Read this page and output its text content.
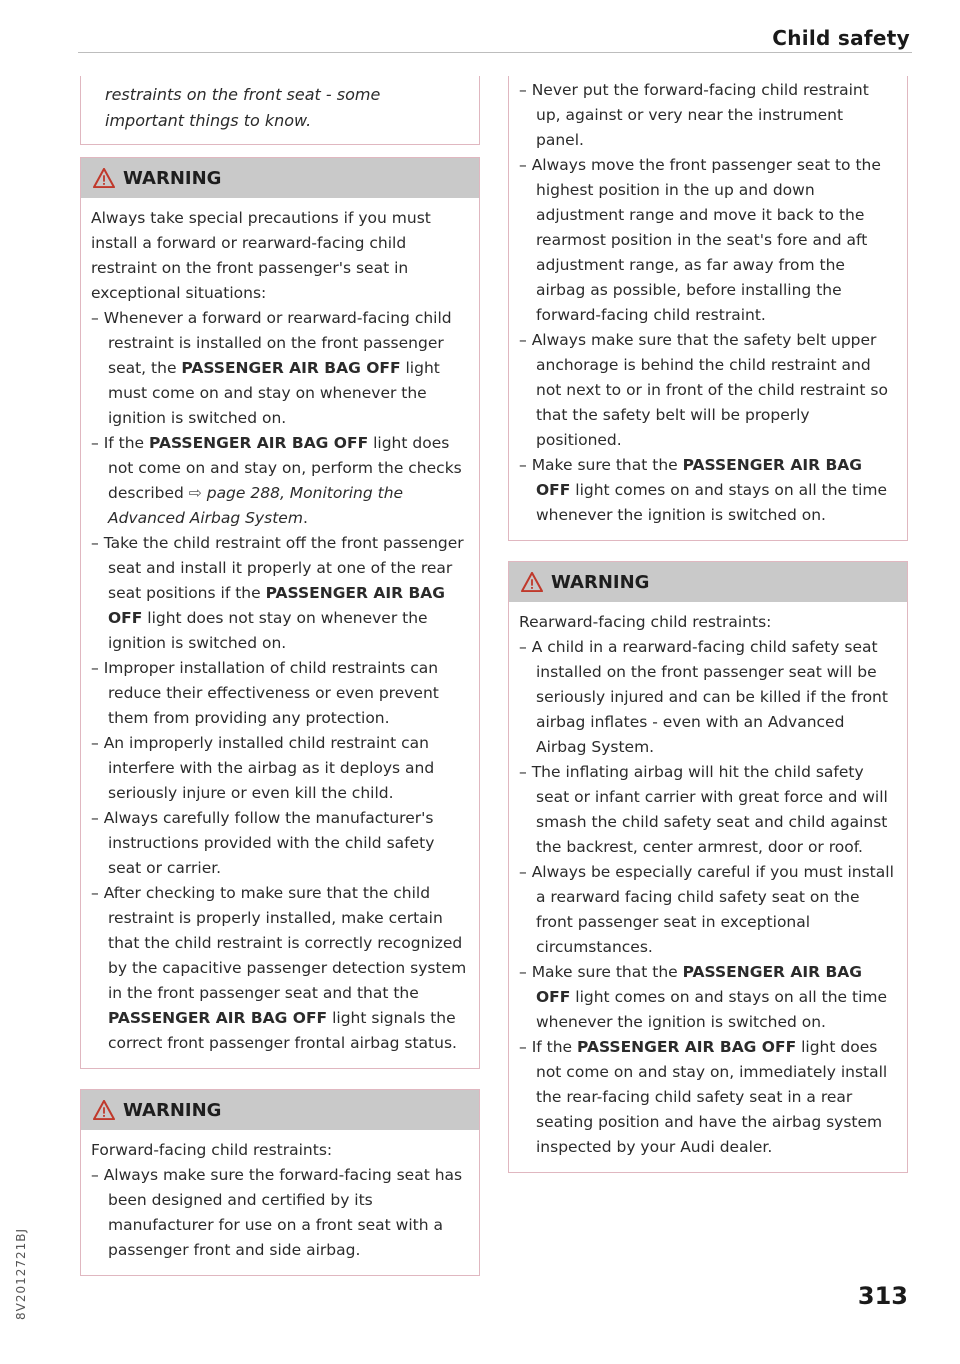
Child safety
restraints on the front seat - some important things to know.
WARNING

Always take special precautions if you must install a forward or rearward-facing child restraint on the front passenger's seat in exceptional situations:

– Whenever a forward or rearward-facing child restraint is installed on the front passenger seat, the PASSENGER AIR BAG OFF light must come on and stay on whenever the ignition is switched on.
– If the PASSENGER AIR BAG OFF light does not come on and stay on, perform the checks described ⇨ page 288, Monitoring the Advanced Airbag System.
– Take the child restraint off the front passenger seat and install it properly at one of the rear seat positions if the PASSENGER AIR BAG OFF light does not stay on whenever the ignition is switched on.
– Improper installation of child restraints can reduce their effectiveness or even prevent them from providing any protection.
– An improperly installed child restraint can interfere with the airbag as it deploys and seriously injure or even kill the child.
– Always carefully follow the manufacturer's instructions provided with the child safety seat or carrier.
– After checking to make sure that the child restraint is properly installed, make certain that the child restraint is correctly recognized by the capacitive passenger detection system in the front passenger seat and that the PASSENGER AIR BAG OFF light signals the correct front passenger frontal airbag status.
WARNING

Forward-facing child restraints:

– Always make sure the forward-facing seat has been designed and certified by its manufacturer for use on a front seat with a passenger front and side airbag.
– Never put the forward-facing child restraint up, against or very near the instrument panel.
– Always move the front passenger seat to the highest position in the up and down adjustment range and move it back to the rearmost position in the seat's fore and aft adjustment range, as far away from the airbag as possible, before installing the forward-facing child restraint.
– Always make sure that the safety belt upper anchorage is behind the child restraint and not next to or in front of the child restraint so that the safety belt will be properly positioned.
– Make sure that the PASSENGER AIR BAG OFF light comes on and stays on all the time whenever the ignition is switched on.
WARNING

Rearward-facing child restraints:

– A child in a rearward-facing child safety seat installed on the front passenger seat will be seriously injured and can be killed if the front airbag inflates - even with an Advanced Airbag System.
– The inflating airbag will hit the child safety seat or infant carrier with great force and will smash the child safety seat and child against the backrest, center armrest, door or roof.
– Always be especially careful if you must install a rearward facing child safety seat on the front passenger seat in exceptional circumstances.
– Make sure that the PASSENGER AIR BAG OFF light comes on and stays on all the time whenever the ignition is switched on.
– If the PASSENGER AIR BAG OFF light does not come on and stay on, immediately install the rear-facing child safety seat in a rear seating position and have the airbag system inspected by your Audi dealer.
8V2012721BJ	313
